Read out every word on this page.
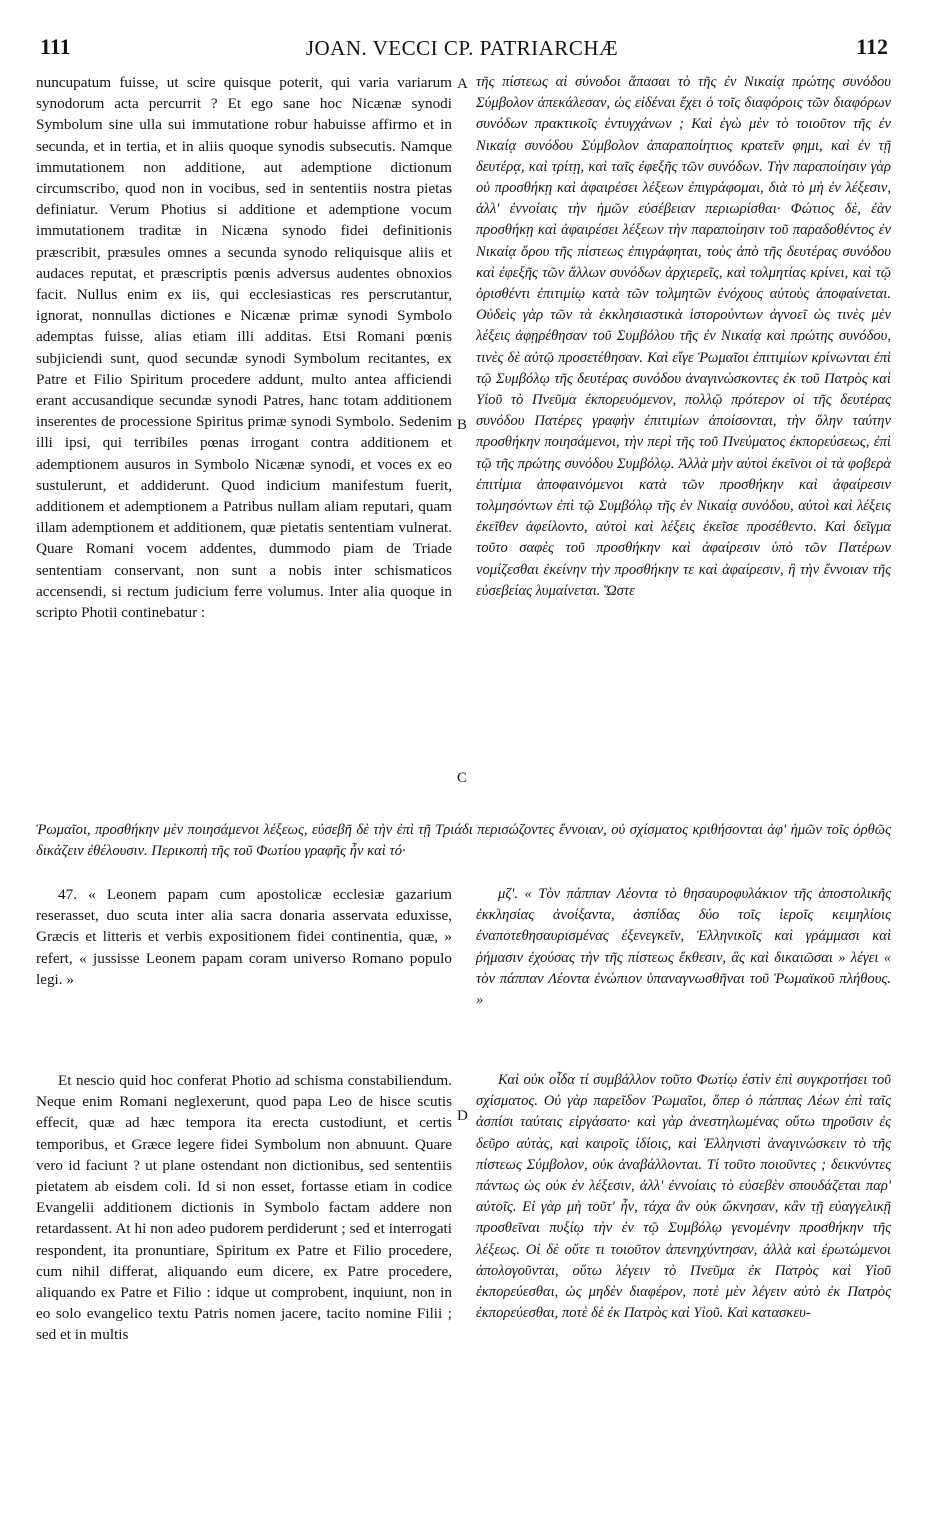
111	JOAN. VECCI CP. PATRIARCHÆ	112
A
B
C
D

nuncupatum fuisse, ut scire quisque poterit, qui varia variarum synodorum acta percurrit ? Et ego sane hoc Nicænæ synodi Symbolum sine ulla sui immutatione robur habuisse affirmo et in secunda, et in tertia, et in aliis quoque synodis subsecutis. Namque immutationem non additione, aut ademptione dictionum circumscribo, quod non in vocibus, sed in sententiis nostra pietas definiatur. Verum Photius si additione et ademptione vocum immutationem traditæ in Nicæna synodo fidei definitionis præscribit, præsules omnes a secunda synodo reliquisque aliis et audaces reputat, et præscriptis pœnis adversus audentes obnoxios facit. Nullus enim ex iis, qui ecclesiasticas res perscrutantur, ignorat, nonnullas dictiones e Nicænæ primæ synodi Symbolo ademptas fuisse, alias etiam illi additas. Etsi Romani pœnis subjiciendi sunt, quod secundæ synodi Symbolum recitantes, ex Patre et Filio Spiritum procedere addunt, multo antea afficiendi erant accusandique secundæ synodi Patres, hanc totam additionem inserentes de processione Spiritus primæ synodi Symbolo. Sedenim illi ipsi, qui terribiles pœnas irrogant contra additionem et ademptionem ausuros in Symbolo Nicænæ synodi, et voces ex eo sustulerunt, et addiderunt. Quod indicium manifestum fuerit, additionem et ademptionem a Patribus nullam aliam reputari, quam illam ademptionem et additionem, quæ pietatis sententiam vulnerat. Quare Romani vocem addentes, dummodo piam de Triade sententiam conservant, non sunt a nobis inter schismaticos accensendi, si rectum judicium ferre volumus. Inter alia quoque in scripto Photii continebatur :

τῆς πίστεως αἱ σύνοδοι ἅπασαι τὸ τῆς ἐν Νικαίᾳ πρώτης συνόδου Σύμβολον ἀπεκάλεσαν, ὡς εἰδέναι ἔχει ὁ τοῖς διαφόροις τῶν διαφόρων συνόδων πρακτικοῖς ἐντυγχάνων ; Καὶ ἐγὼ μὲν τὸ τοιοῦτον τῆς ἐν Νικαίᾳ συνόδου Σύμβολον ἀπαραποίητιος κρατεῖν φημι, καὶ ἐν τῇ δευτέρᾳ, καὶ τρίτῃ, καὶ ταῖς ἐφεξῆς τῶν συνόδων. Τὴν παραποίησιν γὰρ οὐ προσθήκῃ καὶ ἀφαιρέσει λέξεων ἐπιγράφομαι, διὰ τὸ μὴ ἐν λέξεσιν, ἀλλ' ἐννοίαις τὴν ἡμῶν εὐσέβειαν περιωρίσθαι· Φώτιος δὲ, ἐὰν προσθήκῃ καὶ ἀφαιρέσει λέξεων τὴν παραποίησιν τοῦ παραδοθέντος ἐν Νικαίᾳ ὅρου τῆς πίστεως ἐπιγράφηται, τοὺς ἀπὸ τῆς δευτέρας συνόδου καὶ ἐφεξῆς τῶν ἄλλων συνόδων ἀρχιερεῖς, καὶ τολμητίας κρίνει, καὶ τῷ ὁρισθέντι ἐπιτιμίῳ κατὰ τῶν τολμητῶν ἐνόχους αὐτοὺς ἀποφαίνεται. Οὐδεὶς γὰρ τῶν τὰ ἐκκλησιαστικὰ ἱστορούντων ἀγνοεῖ ὡς τινὲς μὲν λέξεις ἀφῃρέθησαν τοῦ Συμβόλου τῆς ἐν Νικαίᾳ καὶ πρώτης συνόδου, τινὲς δὲ αὐτῷ προσετέθησαν. Καὶ εἴγε Ῥωμαῖοι ἐπιτιμίων κρίνωνται ἐπὶ τῷ Συμβόλῳ τῆς δευτέρας συνόδου ἀναγινώσκοντες ἐκ τοῦ Πατρὸς καὶ Υἱοῦ τὸ Πνεῦμα ἐκπορευόμενον, πολλῷ πρότερον οἱ τῆς δευτέρας συνόδου Πατέρες γραφὴν ἐπιτιμίων ἀποίσονται, τὴν ὅλην ταύτην προσθήκην ποιησάμενοι, τὴν περὶ τῆς τοῦ Πνεύματος ἐκπορεύσεως, ἐπὶ τῷ τῆς πρώτης συνόδου Συμβόλῳ. Ἀλλὰ μὴν αὐτοὶ ἐκεῖνοι οἱ τὰ φοβερὰ ἐπιτίμια ἀποφαινόμενοι κατὰ τῶν προσθήκην καὶ ἀφαίρεσιν τολμησόντων ἐπὶ τῷ Συμβόλῳ τῆς ἐν Νικαίᾳ συνόδου, αὐτοὶ καὶ λέξεις ἐκεῖθεν ἀφείλοντο, αὐτοὶ καὶ λέξεις ἐκεῖσε προσέθεντο. Καὶ δεῖγμα τοῦτο σαφὲς τοῦ προσθήκην καὶ ἀφαίρεσιν ὑπὸ τῶν Πατέρων νομίζεσθαι ἐκείνην τὴν προσθήκην τε καὶ ἀφαίρεσιν, ἢ τὴν ἔννοιαν τῆς εὐσεβείας λυμαίνεται. Ὥστε

Ῥωμαῖοι, προσθήκην μὲν ποιησάμενοι λέξεως, εὐσεβῆ δὲ τὴν ἐπὶ τῇ Τριάδι περισώζοντες ἔννοιαν, οὐ σχίσματος κριθήσονται ἀφ' ἡμῶν τοῖς ὀρθῶς δικάζειν ἐθέλουσιν. Περικοπὴ τῆς τοῦ Φωτίου γραφῆς ἦν καὶ τό·

47. « Leonem papam cum apostolicæ ecclesiæ gazarium reserasset, duo scuta inter alia sacra donaria asservata eduxisse, Græcis et litteris et verbis expositionem fidei continentia, quæ, » refert, « jussisse Leonem papam coram universo Romano populo legi. »

μζ'. « Τὸν πάππαν Λέοντα τὸ θησαυροφυλάκιον τῆς ἀποστολικῆς ἐκκλησίας ἀνοίξαντα, ἀσπίδας δύο τοῖς ἱεροῖς κειμηλίοις ἐναποτεθησαυρισμένας ἐξενεγκεῖν, Ἑλληνικοῖς καὶ γράμμασι καὶ ῥήμασιν ἐχούσας τὴν τῆς πίστεως ἔκθεσιν, ἃς καὶ δικαιῶσαι » λέγει « τὸν πάππαν Λέοντα ἐνώπιον ὑπαναγνωσθῆναι τοῦ Ῥωμαϊκοῦ πλήθους. »

Et nescio quid hoc conferat Photio ad schisma constabiliendum. Neque enim Romani neglexerunt, quod papa Leo de hisce scutis effecit, quæ ad hæc tempora ita erecta custodiunt, et certis temporibus, et Græce legere fidei Symbolum non abnuunt. Quare vero id faciunt ? ut plane ostendant non dictionibus, sed sententiis pietatem ab eisdem coli. Id si non esset, fortasse etiam in codice Evangelii additionem dictionis in Symbolo factam addere non retardassent. At hi non adeo pudorem perdiderunt ; sed et interrogati respondent, ita pronuntiare, Spiritum ex Patre et Filio procedere, cum nihil differat, aliquando eum dicere, ex Patre procedere, aliquando ex Patre et Filio : idque ut comprobent, inquiunt, non in eo solo evangelico textu Patris nomen jacere, tacito nomine Filii ; sed et in multis

Καὶ οὐκ οἶδα τί συμβάλλον τοῦτο Φωτίῳ ἐστὶν ἐπὶ συγκροτήσει τοῦ σχίσματος. Οὐ γὰρ παρεῖδον Ῥωμαῖοι, ὅπερ ὁ πάππας Λέων ἐπὶ ταῖς ἀσπίσι ταύταις εἰργάσατο· καὶ γὰρ ἀνεστηλωμένας οὕτω τηροῦσιν ἐς δεῦρο αὐτὰς, καὶ καιροῖς ἰδίοις, καὶ Ἑλληνιστὶ ἀναγινώσκειν τὸ τῆς πίστεως Σύμβολον, οὐκ ἀναβάλλονται. Τί τοῦτο ποιοῦντες ; δεικνύντες πάντως ὡς οὐκ ἐν λέξεσιν, ἀλλ' ἐννοίαις τὸ εὐσεβὲν σπουδάζεται παρ' αὐτοῖς. Εἰ γὰρ μὴ τοῦτ' ἦν, τάχα ἂν οὐκ ὤκνησαν, κἂν τῇ εὐαγγελικῇ προσθεῖναι πυξίῳ τὴν ἐν τῷ Συμβόλῳ γενομένην προσθήκην τῆς λέξεως. Οἱ δὲ οὔτε τι τοιοῦτον ἀπενηχύντησαν, ἀλλὰ καὶ ἐρωτώμενοι ἀπολογοῦνται, οὕτω λέγειν τὸ Πνεῦμα ἐκ Πατρὸς καὶ Υἱοῦ ἐκπορεύεσθαι, ὡς μηδὲν διαφέρον, ποτὲ μὲν λέγειν αὐτὸ ἐκ Πατρὸς ἐκπορεύεσθαι, ποτὲ δὲ ἐκ Πατρὸς καὶ Υἱοῦ. Καὶ κατασκευ-
